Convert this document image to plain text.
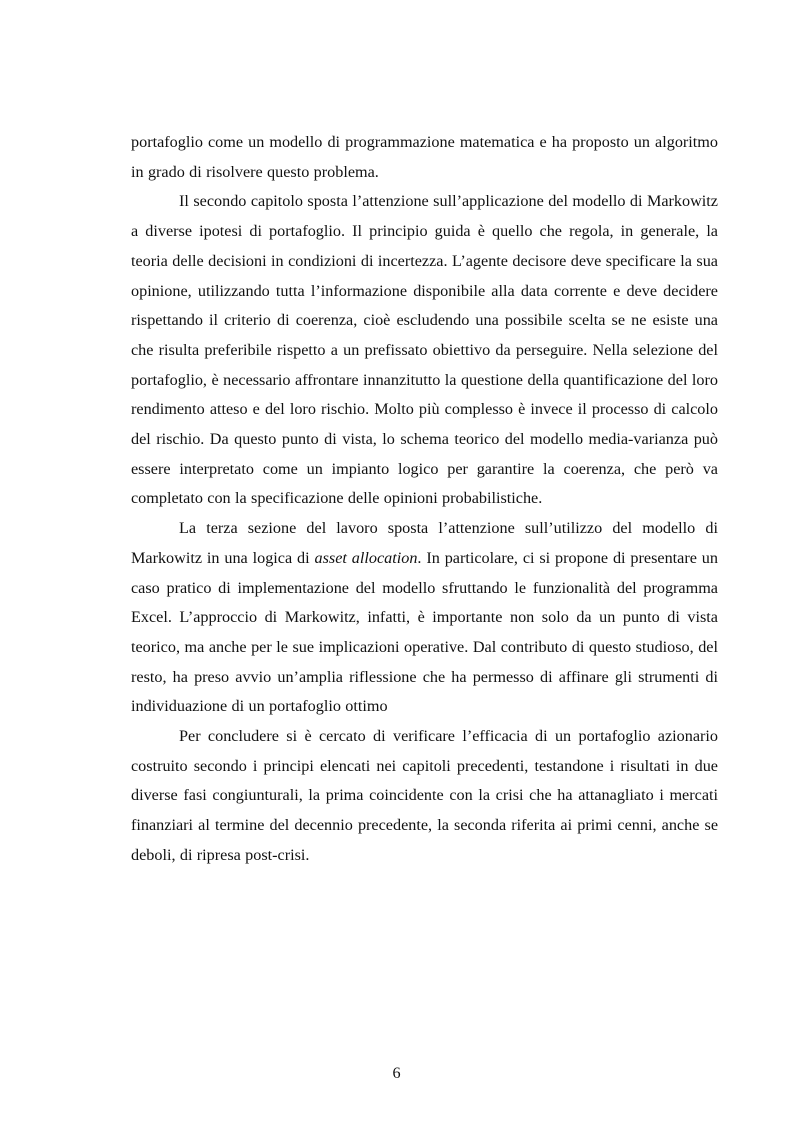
portafoglio come un modello di programmazione matematica e ha proposto un algoritmo in grado di risolvere questo problema.

Il secondo capitolo sposta l’attenzione sull’applicazione del modello di Markowitz a diverse ipotesi di portafoglio. Il principio guida è quello che regola, in generale, la teoria delle decisioni in condizioni di incertezza. L’agente decisore deve specificare la sua opinione, utilizzando tutta l’informazione disponibile alla data corrente e deve decidere rispettando il criterio di coerenza, cioè escludendo una possibile scelta se ne esiste una che risulta preferibile rispetto a un prefissato obiettivo da perseguire. Nella selezione del portafoglio, è necessario affrontare innanzitutto la questione della quantificazione del loro rendimento atteso e del loro rischio. Molto più complesso è invece il processo di calcolo del rischio. Da questo punto di vista, lo schema teorico del modello media-varianza può essere interpretato come un impianto logico per garantire la coerenza, che però va completato con la specificazione delle opinioni probabilistiche.

La terza sezione del lavoro sposta l’attenzione sull’utilizzo del modello di Markowitz in una logica di asset allocation. In particolare, ci si propone di presentare un caso pratico di implementazione del modello sfruttando le funzionalità del programma Excel. L’approccio di Markowitz, infatti, è importante non solo da un punto di vista teorico, ma anche per le sue implicazioni operative. Dal contributo di questo studioso, del resto, ha preso avvio un’amplia riflessione che ha permesso di affinare gli strumenti di individuazione di un portafoglio ottimo

Per concludere si è cercato di verificare l’efficacia di un portafoglio azionario costruito secondo i principi elencati nei capitoli precedenti, testandone i risultati in due diverse fasi congiunturali, la prima coincidente con la crisi che ha attanagliato i mercati finanziari al termine del decennio precedente, la seconda riferita ai primi cenni, anche se deboli, di ripresa post-crisi.

6
